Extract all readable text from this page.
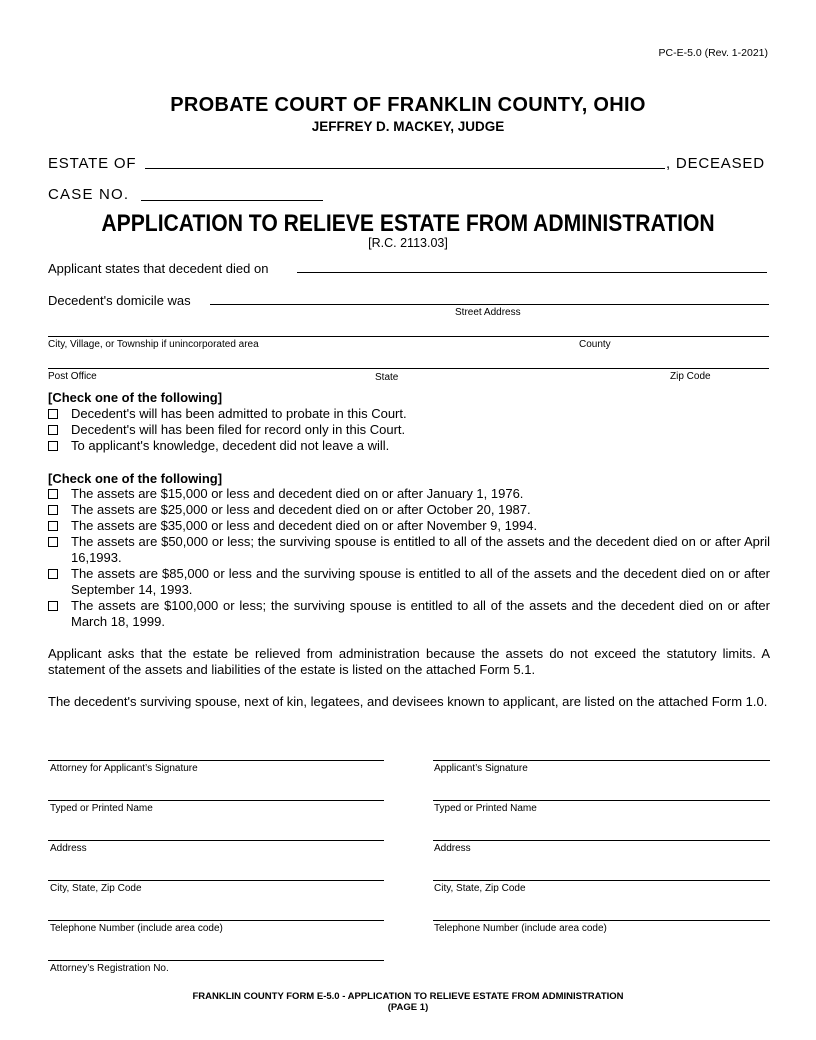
PC-E-5.0 (Rev. 1-2021)
PROBATE COURT OF FRANKLIN COUNTY, OHIO
JEFFREY D. MACKEY, JUDGE
ESTATE OF	, DECEASED
CASE NO.
APPLICATION TO RELIEVE ESTATE FROM ADMINISTRATION
[R.C. 2113.03]
Applicant states that decedent died on
Decedent's domicile was
Street Address
City, Village, or Township if unincorporated area	County
Post Office	State	Zip Code
[Check one of the following]
Decedent's will has been admitted to probate in this Court.
Decedent's will has been filed for record only in this Court.
To applicant's knowledge, decedent did not leave a will.
[Check one of the following]
The assets are $15,000 or less and decedent died on or after January 1, 1976.
The assets are $25,000 or less and decedent died on or after October 20, 1987.
The assets are $35,000 or less and decedent died on or after November 9, 1994.
The assets are $50,000 or less; the surviving spouse is entitled to all of the assets and the decedent died on or after April 16,1993.
The assets are $85,000 or less and the surviving spouse is entitled to all of the assets and the decedent died on or after September 14, 1993.
The assets are $100,000 or less; the surviving spouse is entitled to all of the assets and the decedent died on or after March 18, 1999.
Applicant asks that the estate be relieved from administration because the assets do not exceed the statutory limits. A statement of the assets and liabilities of the estate is listed on the attached Form 5.1.
The decedent's surviving spouse, next of kin, legatees, and devisees known to applicant, are listed on the attached Form 1.0.
Attorney for Applicant’s Signature
Typed or Printed Name
Address
City, State, Zip Code
Telephone Number (include area code)
Attorney’s Registration No.
Applicant’s Signature
Typed or Printed Name
Address
City, State, Zip Code
Telephone Number (include area code)
FRANKLIN COUNTY FORM E-5.0 - APPLICATION TO RELIEVE ESTATE FROM ADMINISTRATION
(PAGE 1)
